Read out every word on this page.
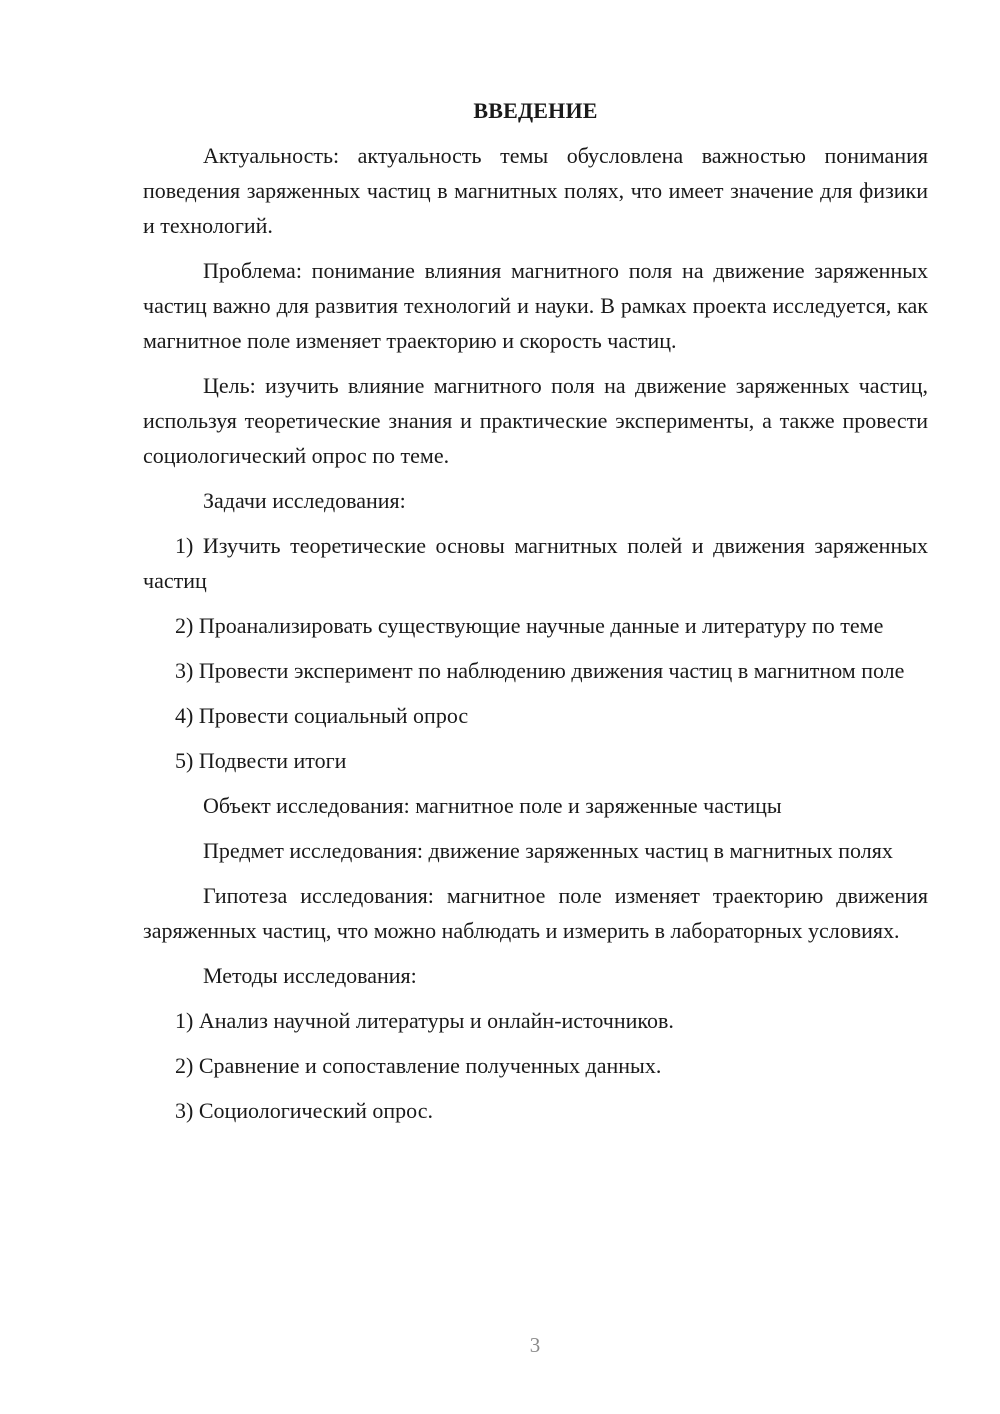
ВВЕДЕНИЕ

Актуальность: актуальность темы обусловлена важностью понимания поведения заряженных частиц в магнитных полях, что имеет значение для физики и технологий.

Проблема: понимание влияния магнитного поля на движение заряженных частиц важно для развития технологий и науки. В рамках проекта исследуется, как магнитное поле изменяет траекторию и скорость частиц.

Цель: изучить влияние магнитного поля на движение заряженных частиц, используя теоретические знания и практические эксперименты, а также провести социологический опрос по теме.

Задачи исследования:

1) Изучить теоретические основы магнитных полей и движения заряженных частиц

2) Проанализировать существующие научные данные и литературу по теме

3) Провести эксперимент по наблюдению движения частиц в магнитном поле

4) Провести социальный опрос

5) Подвести итоги

Объект исследования: магнитное поле и заряженные частицы

Предмет исследования: движение заряженных частиц в магнитных полях

Гипотеза исследования: магнитное поле изменяет траекторию движения заряженных частиц, что можно наблюдать и измерить в лабораторных условиях.

Методы исследования:

1) Анализ научной литературы и онлайн-источников.

2) Сравнение и сопоставление полученных данных.

3) Социологический опрос.

3
